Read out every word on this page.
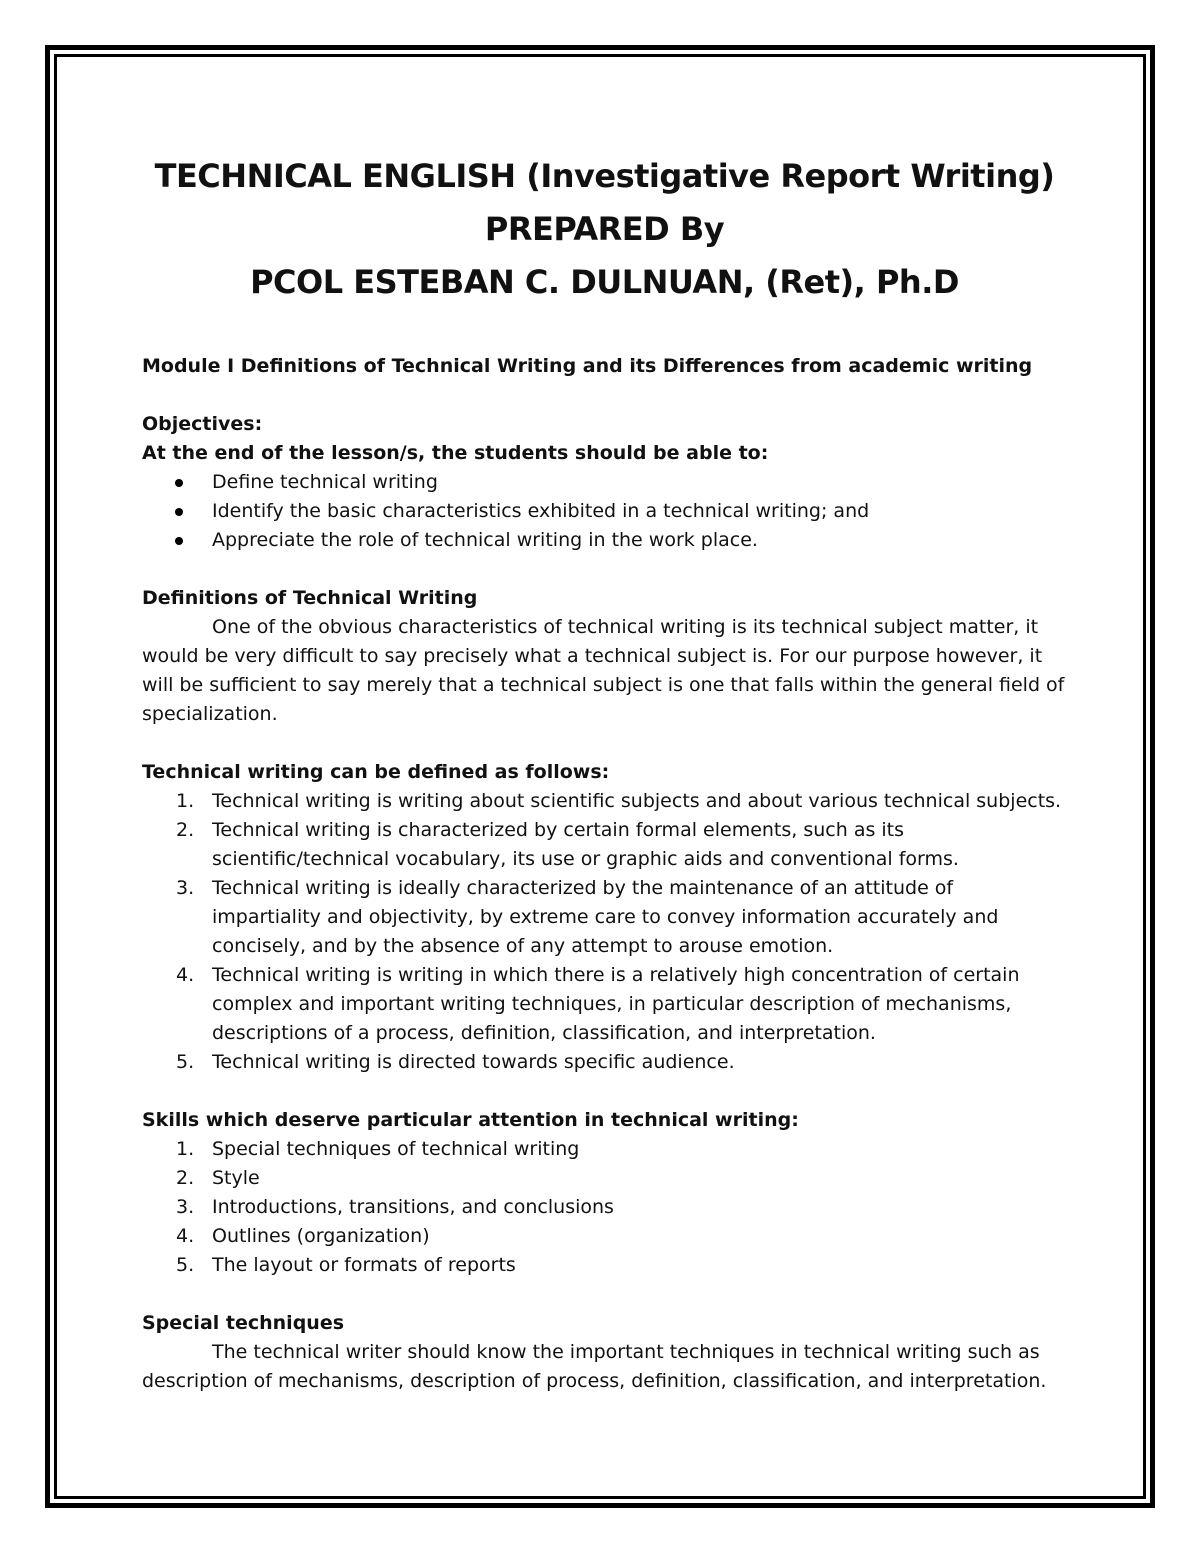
TECHNICAL ENGLISH (Investigative Report Writing)
PREPARED By
PCOL ESTEBAN C. DULNUAN, (Ret), Ph.D
Module I Definitions of Technical Writing and its Differences from academic writing
Objectives:
At the end of the lesson/s, the students should be able to:
Define technical writing
Identify the basic characteristics exhibited in a technical writing; and
Appreciate the role of technical writing in the work place.
Definitions of Technical Writing
One of the obvious characteristics of technical writing is its technical subject matter, it
would be very difficult to say precisely what a technical subject is. For our purpose however, it
will be sufficient to say merely that a technical subject is one that falls within the general field of
specialization.
Technical writing can be defined as follows:
1. Technical writing is writing about scientific subjects and about various technical subjects.
2. Technical writing is characterized by certain formal elements, such as its
scientific/technical vocabulary, its use or graphic aids and conventional forms.
3. Technical writing is ideally characterized by the maintenance of an attitude of
impartiality and objectivity, by extreme care to convey information accurately and
concisely, and by the absence of any attempt to arouse emotion.
4. Technical writing is writing in which there is a relatively high concentration of certain
complex and important writing techniques, in particular description of mechanisms,
descriptions of a process, definition, classification, and interpretation.
5. Technical writing is directed towards specific audience.
Skills which deserve particular attention in technical writing:
1. Special techniques of technical writing
2. Style
3. Introductions, transitions, and conclusions
4. Outlines (organization)
5. The layout or formats of reports
Special techniques
The technical writer should know the important techniques in technical writing such as
description of mechanisms, description of process, definition, classification, and interpretation.
